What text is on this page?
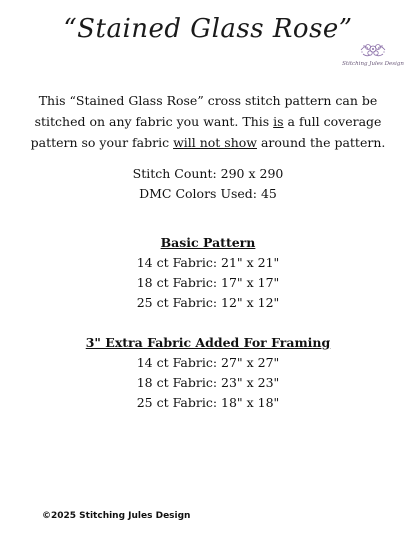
“Stained Glass Rose”
Stitching Jules Design
This “Stained Glass Rose” cross stitch pattern can be stitched on any fabric you want. This is a full coverage pattern so your fabric will not show around the pattern.
Stitch Count: 290 x 290
DMC Colors Used: 45
Basic Pattern
14 ct Fabric: 21" x 21"
18 ct Fabric: 17" x 17"
25 ct Fabric: 12" x 12"
3" Extra Fabric Added For Framing
14 ct Fabric: 27" x 27"
18 ct Fabric: 23" x 23"
25 ct Fabric: 18" x 18"
©2025 Stitching Jules Design
